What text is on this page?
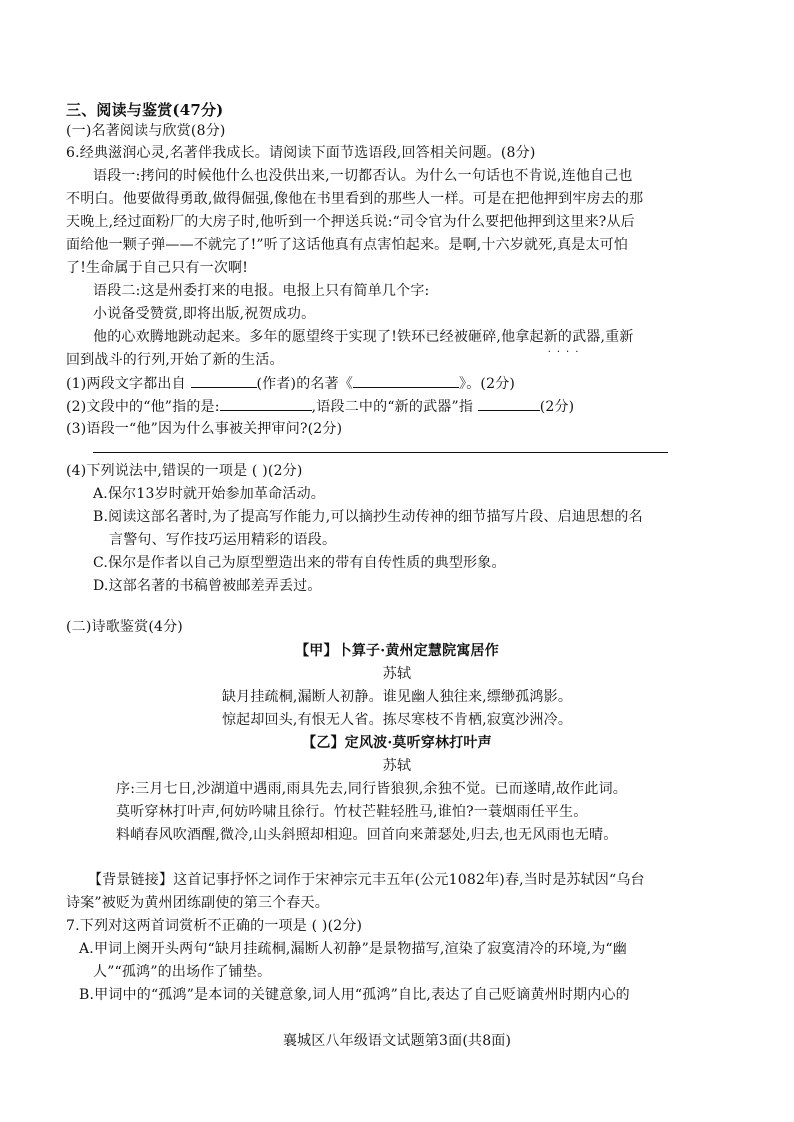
三、阅读与鉴赏(47分)
(一)名著阅读与欣赏(8分)
6.经典滋润心灵,名著伴我成长。请阅读下面节选语段,回答相关问题。(8分)
语段一:拷问的时候他什么也没供出来,一切都否认。为什么一句话也不肯说,连他自己也
不明白。他要做得勇敢,做得倔强,像他在书里看到的那些人一样。可是在把他押到牢房去的那
天晚上,经过面粉厂的大房子时,他听到一个押送兵说:“司令官为什么要把他押到这里来?从后
面给他一颗子弹——不就完了!”听了这话他真有点害怕起来。是啊,十六岁就死,真是太可怕
了!生命属于自己只有一次啊!
语段二:这是州委打来的电报。电报上只有简单几个字:
小说备受赞赏,即将出版,祝贺成功。
他的心欢腾地跳动起来。多年的愿望终于实现了!铁环已经被砸碎,他拿起新的武器
····
,重新
回到战斗的行列,开始了新的生活。
(1)两段文字都出自	(作者)的名著《	》。(2分)
(2)文段中的“他”指的是:	,语段二中的“新的武器”指	(2分)
(3)语段一“他”因为什么事被关押审问?(2分)
(4)下列说法中,错误的一项是 ( )(2分)
A.保尔13岁时就开始参加革命活动。
B.阅读这部名著时,为了提高写作能力,可以摘抄生动传神的细节描写片段、启迪思想的名
言警句、写作技巧运用精彩的语段。
C.保尔是作者以自己为原型塑造出来的带有自传性质的典型形象。
D.这部名著的书稿曾被邮差弄丢过。
(二)诗歌鉴赏(4分)
【甲】卜算子·黄州定慧院寓居作
苏轼
缺月挂疏桐,漏断人初静。谁见幽人独往来,缥缈孤鸿影。
惊起却回头,有恨无人省。拣尽寒枝不肯栖,寂寞沙洲冷。
【乙】定风波·莫听穿林打叶声
苏轼
序:三月七日,沙湖道中遇雨,雨具先去,同行皆狼狈,余独不觉。已而遂晴,故作此词。
莫听穿林打叶声,何妨吟啸且徐行。竹杖芒鞋轻胜马,谁怕?一蓑烟雨任平生。
料峭春风吹酒醒,微冷,山头斜照却相迎。回首向来萧瑟处,归去,也无风雨也无晴。
【背景链接】这首记事抒怀之词作于宋神宗元丰五年(公元1082年)春,当时是苏轼因“乌台
诗案”被贬为黄州团练副使的第三个春天。
7.下列对这两首词赏析不正确的一项是 ( )(2分)
A.甲词上阕开头两句“缺月挂疏桐,漏断人初静”是景物描写,渲染了寂寞清冷的环境,为“幽
人”“孤鸿”的出场作了铺垫。
B.甲词中的“孤鸿”是本词的关键意象,词人用“孤鸿”自比,表达了自己贬谪黄州时期内心的
襄城区八年级语文试题第3面(共8面)
